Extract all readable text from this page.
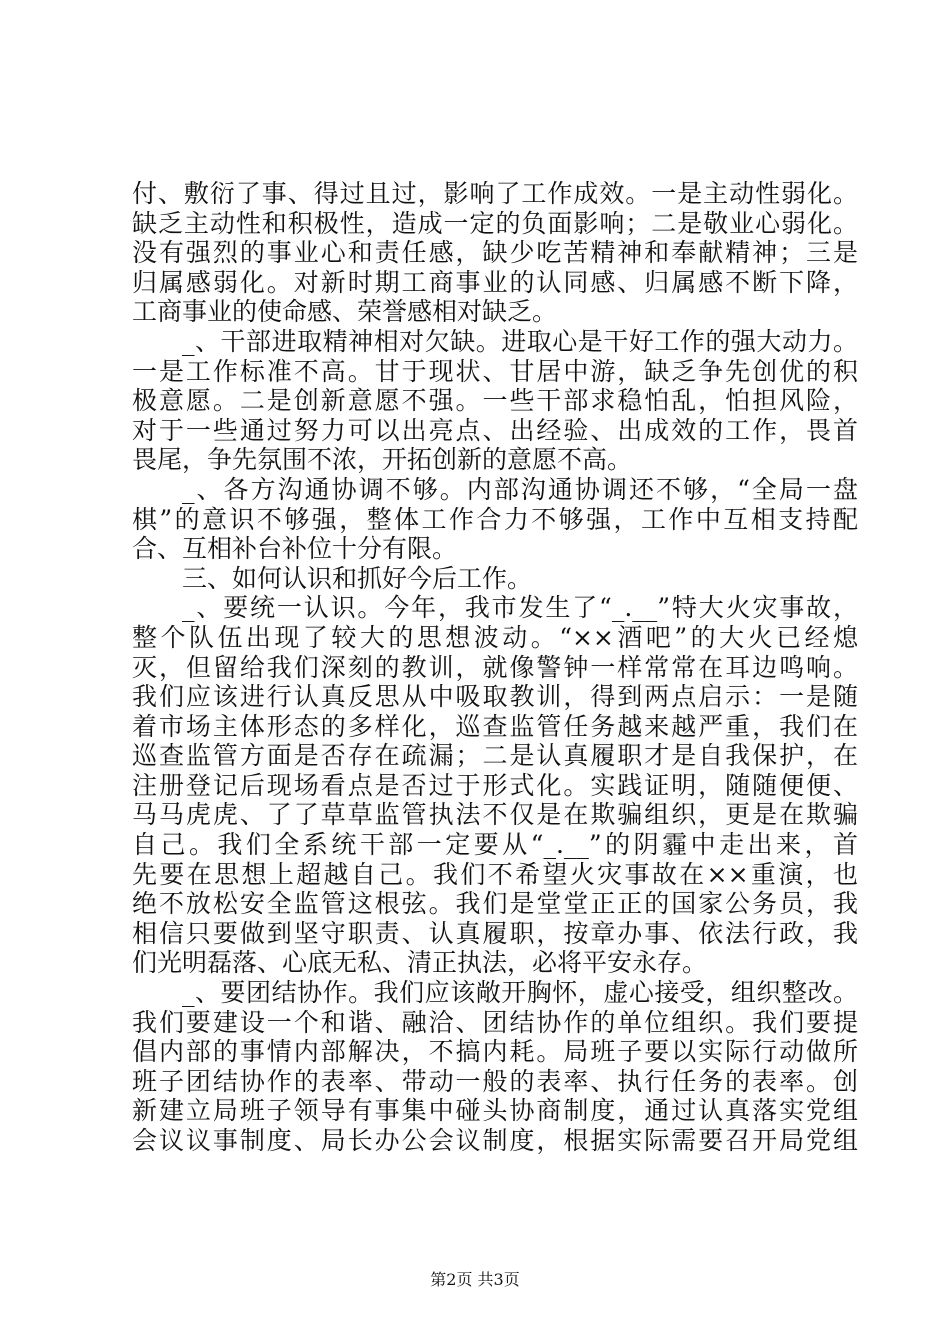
付、敷衍了事、得过且过，影响了工作成效。一是主动性弱化。
缺乏主动性和积极性，造成一定的负面影响；二是敬业心弱化。
没有强烈的事业心和责任感，缺少吃苦精神和奉献精神；三是
归属感弱化。对新时期工商事业的认同感、归属感不断下降，
工商事业的使命感、荣誉感相对缺乏。
_、干部进取精神相对欠缺。进取心是干好工作的强大动力。
一是工作标准不高。甘于现状、甘居中游，缺乏争先创优的积
极意愿。二是创新意愿不强。一些干部求稳怕乱，怕担风险，
对于一些通过努力可以出亮点、出经验、出成效的工作，畏首
畏尾，争先氛围不浓，开拓创新的意愿不高。
_、各方沟通协调不够。内部沟通协调还不够，“全局一盘
棋”的意识不够强，整体工作合力不够强，工作中互相支持配
合、互相补台补位十分有限。
三、如何认识和抓好今后工作。
_、要统一认识。今年，我市发生了“_.__”特大火灾事故，
整个队伍出现了较大的思想波动。“××酒吧”的大火已经熄
灭，但留给我们深刻的教训，就像警钟一样常常在耳边鸣响。
我们应该进行认真反思从中吸取教训，得到两点启示：一是随
着市场主体形态的多样化，巡查监管任务越来越严重，我们在
巡查监管方面是否存在疏漏；二是认真履职才是自我保护，在
注册登记后现场看点是否过于形式化。实践证明，随随便便、
马马虎虎、了了草草监管执法不仅是在欺骗组织，更是在欺骗
自己。我们全系统干部一定要从“_.__”的阴霾中走出来，首
先要在思想上超越自己。我们不希望火灾事故在××重演，也
绝不放松安全监管这根弦。我们是堂堂正正的国家公务员，我
相信只要做到坚守职责、认真履职，按章办事、依法行政，我
们光明磊落、心底无私、清正执法，必将平安永存。
_、要团结协作。我们应该敞开胸怀，虚心接受，组织整改。
我们要建设一个和谐、融洽、团结协作的单位组织。我们要提
倡内部的事情内部解决，不搞内耗。局班子要以实际行动做所
班子团结协作的表率、带动一般的表率、执行任务的表率。创
新建立局班子领导有事集中碰头协商制度，通过认真落实党组
会议议事制度、局长办公会议制度，根据实际需要召开局党组
第2页 共3页
